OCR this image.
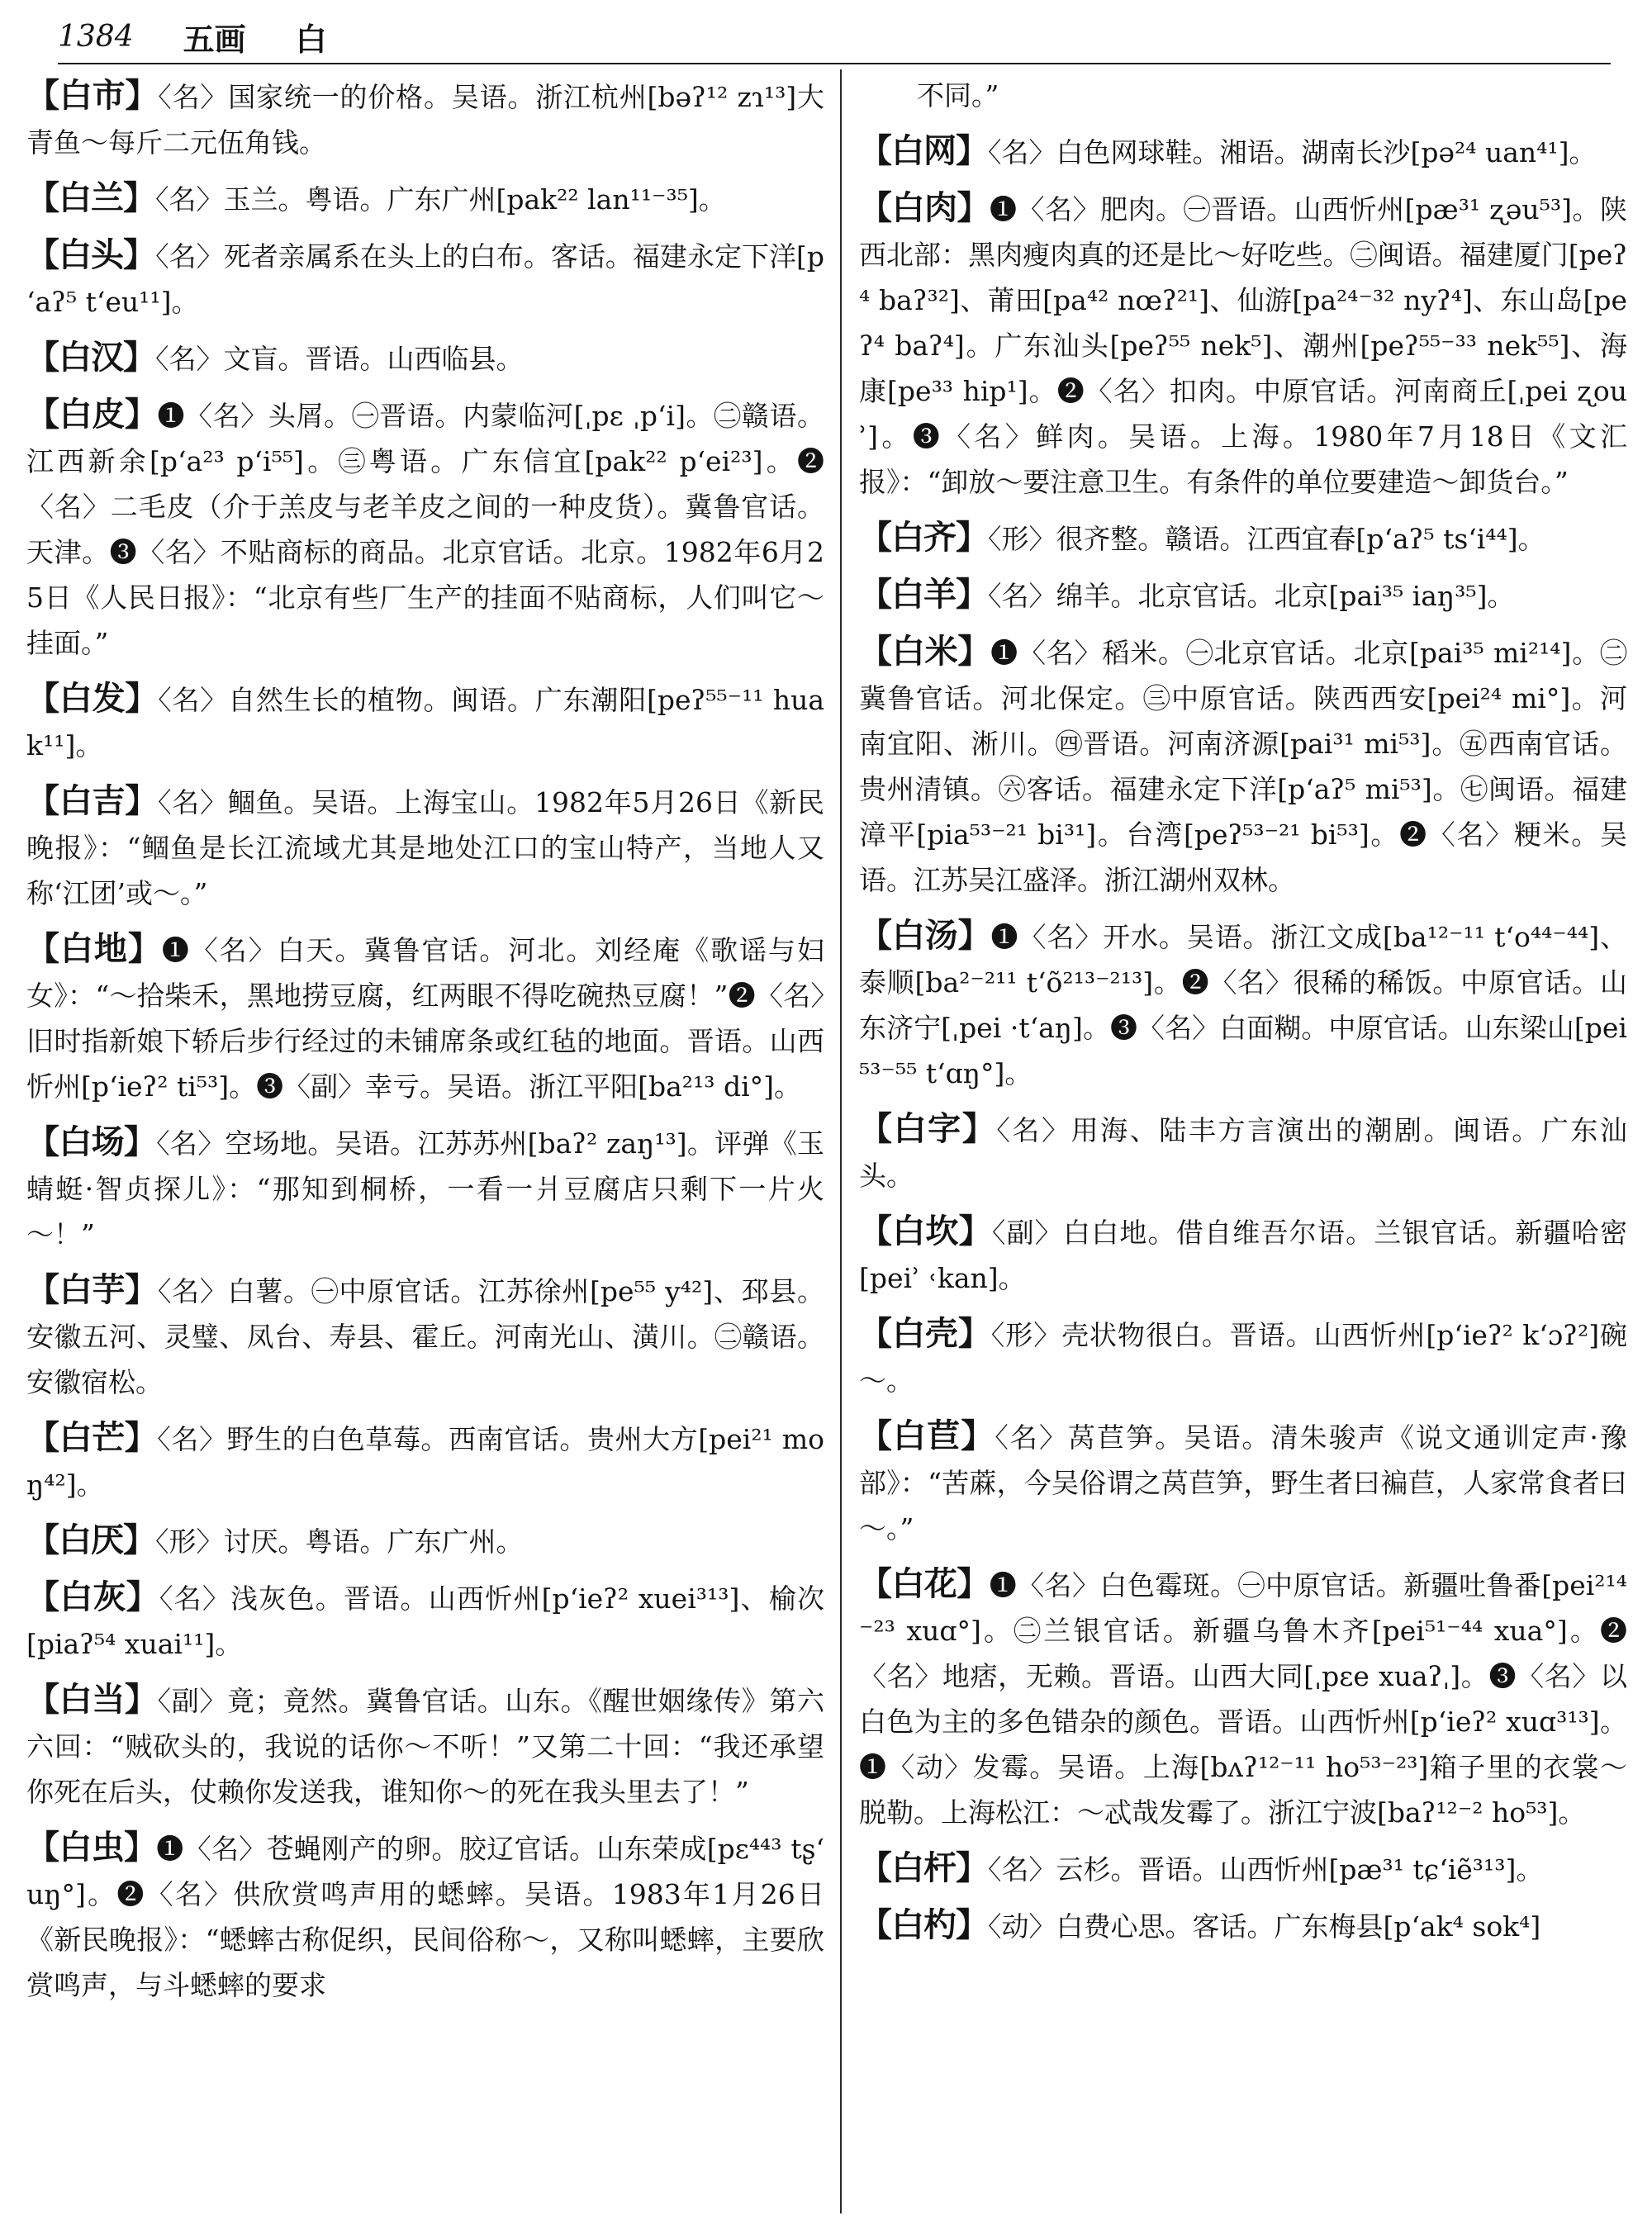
1384 五画 白

【白市】〈名〉国家统一的价格。吴语。浙江杭州[bəʔ¹² zɿ¹³]大青鱼～每斤二元伍角钱。

【白兰】〈名〉玉兰。粤语。广东广州[pak²² lan¹¹⁻³⁵]。

【白头】〈名〉死者亲属系在头上的白布。客话。福建永定下洋[pʻaʔ⁵ tʻeu¹¹]。

【白汉】〈名〉文盲。晋语。山西临县。

【白皮】❶〈名〉头屑。㊀晋语。内蒙临河[ˌpɛ ˌpʻi]。㊁赣语。江西新余[pʻa²³ pʻi⁵⁵]。㊂粤语。广东信宜[pak²² pʻei²³]。❷〈名〉二毛皮（介于羔皮与老羊皮之间的一种皮货）。冀鲁官话。天津。❸〈名〉不贴商标的商品。北京官话。北京。1982年6月25日《人民日报》：“北京有些厂生产的挂面不贴商标，人们叫它～挂面。”

【白发】〈名〉自然生长的植物。闽语。广东潮阳[peʔ⁵⁵⁻¹¹ huak¹¹]。

【白吉】〈名〉鲴鱼。吴语。上海宝山。1982年5月26日《新民晚报》：“鲴鱼是长江流域尤其是地处江口的宝山特产，当地人又称‘江团’或～。”

【白地】❶〈名〉白天。冀鲁官话。河北。刘经庵《歌谣与妇女》：“～拾柴禾，黑地捞豆腐，红两眼不得吃碗热豆腐！”❷〈名〉旧时指新娘下轿后步行经过的未铺席条或红毡的地面。晋语。山西忻州[pʻieʔ² ti⁵³]。❸〈副〉幸亏。吴语。浙江平阳[ba²¹³ di°]。

【白场】〈名〉空场地。吴语。江苏苏州[baʔ² zaŋ¹³]。评弹《玉蜻蜓·智贞探儿》：“那知到桐桥，一看一爿豆腐店只剩下一片火～！”

【白芋】〈名〉白薯。㊀中原官话。江苏徐州[pe⁵⁵ y⁴²]、邳县。安徽五河、灵璧、凤台、寿县、霍丘。河南光山、潢川。㊁赣语。安徽宿松。

【白芒】〈名〉野生的白色草莓。西南官话。贵州大方[pei²¹ moŋ⁴²]。

【白厌】〈形〉讨厌。粤语。广东广州。

【白灰】〈名〉浅灰色。晋语。山西忻州[pʻieʔ² xuei³¹³]、榆次[piaʔ⁵⁴ xuai¹¹]。

【白当】〈副〉竟；竟然。冀鲁官话。山东。《醒世姻缘传》第六六回：“贼砍头的，我说的话你～不听！”又第二十回：“我还承望你死在后头，仗赖你发送我，谁知你～的死在我头里去了！”

【白虫】❶〈名〉苍蝇刚产的卵。胶辽官话。山东荣成[pɛ⁴⁴³ tʂʻuŋ°]。❷〈名〉供欣赏鸣声用的蟋蟀。吴语。1983年1月26日《新民晚报》：“蟋蟀古称促织，民间俗称～，又称叫蟋蟀，主要欣赏鸣声，与斗蟋蟀的要求

不同。”

【白网】〈名〉白色网球鞋。湘语。湖南长沙[pə²⁴ uan⁴¹]。

【白肉】❶〈名〉肥肉。㊀晋语。山西忻州[pæ³¹ ʐəu⁵³]。陕西北部：黑肉瘦肉真的还是比～好吃些。㊁闽语。福建厦门[peʔ⁴ baʔ³²]、莆田[pa⁴² nœʔ²¹]、仙游[pa²⁴⁻³² nyʔ⁴]、东山岛[peʔ⁴ baʔ⁴]。广东汕头[peʔ⁵⁵ nek⁵]、潮州[peʔ⁵⁵⁻³³ nek⁵⁵]、海康[pe³³ hip¹]。❷〈名〉扣肉。中原官话。河南商丘[ˌpei ʐouʾ]。❸〈名〉鲜肉。吴语。上海。1980年7月18日《文汇报》：“卸放～要注意卫生。有条件的单位要建造～卸货台。”

【白齐】〈形〉很齐整。赣语。江西宜春[pʻaʔ⁵ tsʻi⁴⁴]。

【白羊】〈名〉绵羊。北京官话。北京[pai³⁵ iaŋ³⁵]。

【白米】❶〈名〉稻米。㊀北京官话。北京[pai³⁵ mi²¹⁴]。㊁冀鲁官话。河北保定。㊂中原官话。陕西西安[pei²⁴ mi°]。河南宜阳、淅川。㊃晋语。河南济源[pai³¹ mi⁵³]。㊄西南官话。贵州清镇。㊅客话。福建永定下洋[pʻaʔ⁵ mi⁵³]。㊆闽语。福建漳平[pia⁵³⁻²¹ bi³¹]。台湾[peʔ⁵³⁻²¹ bi⁵³]。❷〈名〉粳米。吴语。江苏吴江盛泽。浙江湖州双林。

【白汤】❶〈名〉开水。吴语。浙江文成[ba¹²⁻¹¹ tʻo⁴⁴⁻⁴⁴]、泰顺[ba²⁻²¹¹ tʻõ²¹³⁻²¹³]。❷〈名〉很稀的稀饭。中原官话。山东济宁[ˌpei ·tʻaŋ]。❸〈名〉白面糊。中原官话。山东梁山[pei⁵³⁻⁵⁵ tʻɑŋ°]。

【白字】〈名〉用海、陆丰方言演出的潮剧。闽语。广东汕头。

【白坎】〈副〉白白地。借自维吾尔语。兰银官话。新疆哈密[peiʾ ˓kan]。

【白壳】〈形〉壳状物很白。晋语。山西忻州[pʻieʔ² kʻɔʔ²]碗～。

【白苣】〈名〉莴苣笋。吴语。清朱骏声《说文通训定声·豫部》：“苦蔴，今吴俗谓之莴苣笋，野生者曰褊苣，人家常食者曰～。”

【白花】❶〈名〉白色霉斑。㊀中原官话。新疆吐鲁番[pei²¹⁴⁻²³ xuɑ°]。㊁兰银官话。新疆乌鲁木齐[pei⁵¹⁻⁴⁴ xua°]。❷〈名〉地痞，无赖。晋语。山西大同[ˌpɛe xuaʔˌ]。❸〈名〉以白色为主的多色错杂的颜色。晋语。山西忻州[pʻieʔ² xuɑ³¹³]。❶〈动〉发霉。吴语。上海[bʌʔ¹²⁻¹¹ ho⁵³⁻²³]箱子里的衣裳～脱勒。上海松江：～忒哉发霉了。浙江宁波[baʔ¹²⁻² ho⁵³]。

【白杆】〈名〉云杉。晋语。山西忻州[pæ³¹ tɕʻiẽ³¹³]。

【白杓】〈动〉白费心思。客话。广东梅县[pʻak⁴ sok⁴]
